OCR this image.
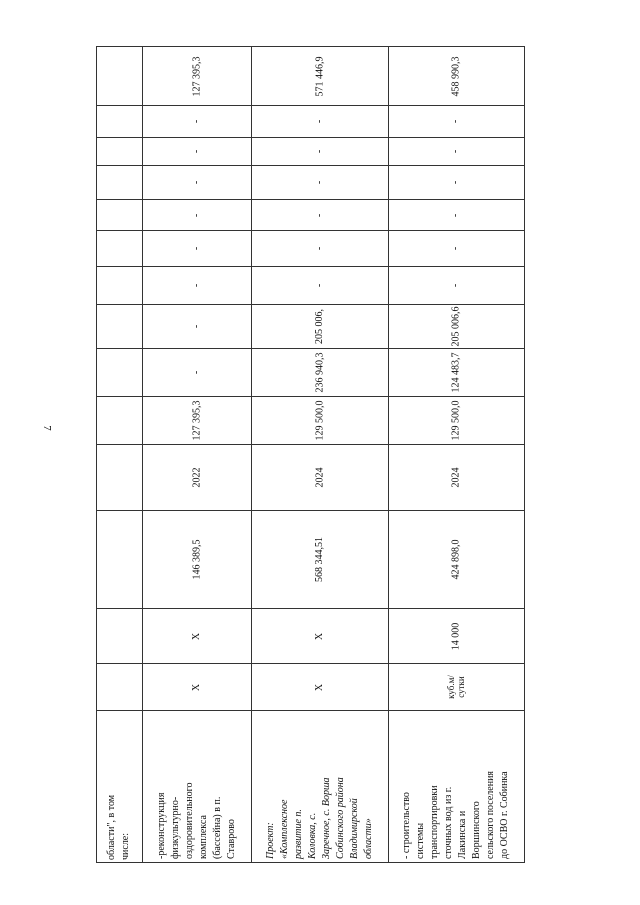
7
области", в том числе: -реконструкция физкультурно- оздоровительного комплекса (бассейна) в п. Ставрово
X
X
146 389,5
2022
127 395,3
-
-
-
-
-
-
-
-
127 395,3
Проект: «Комплексное развитие п. Коловка, с. Заречное, с. Ворша Собинского района Владимирской области»
X
X
568 344,51
2024
129 500,0
236 940,3
205 006,
-
-
-
-
-
-
571 446,9
- строительство системы транспортировки сточных вод из г. Лакинска и Воршинского сельского поселения до ОСВО г. Собинка
куб.м/ сутки
14 000
424 898,0
2024
129 500,0
124 483,7
205 006,6
-
-
-
-
-
-
458 990,3
